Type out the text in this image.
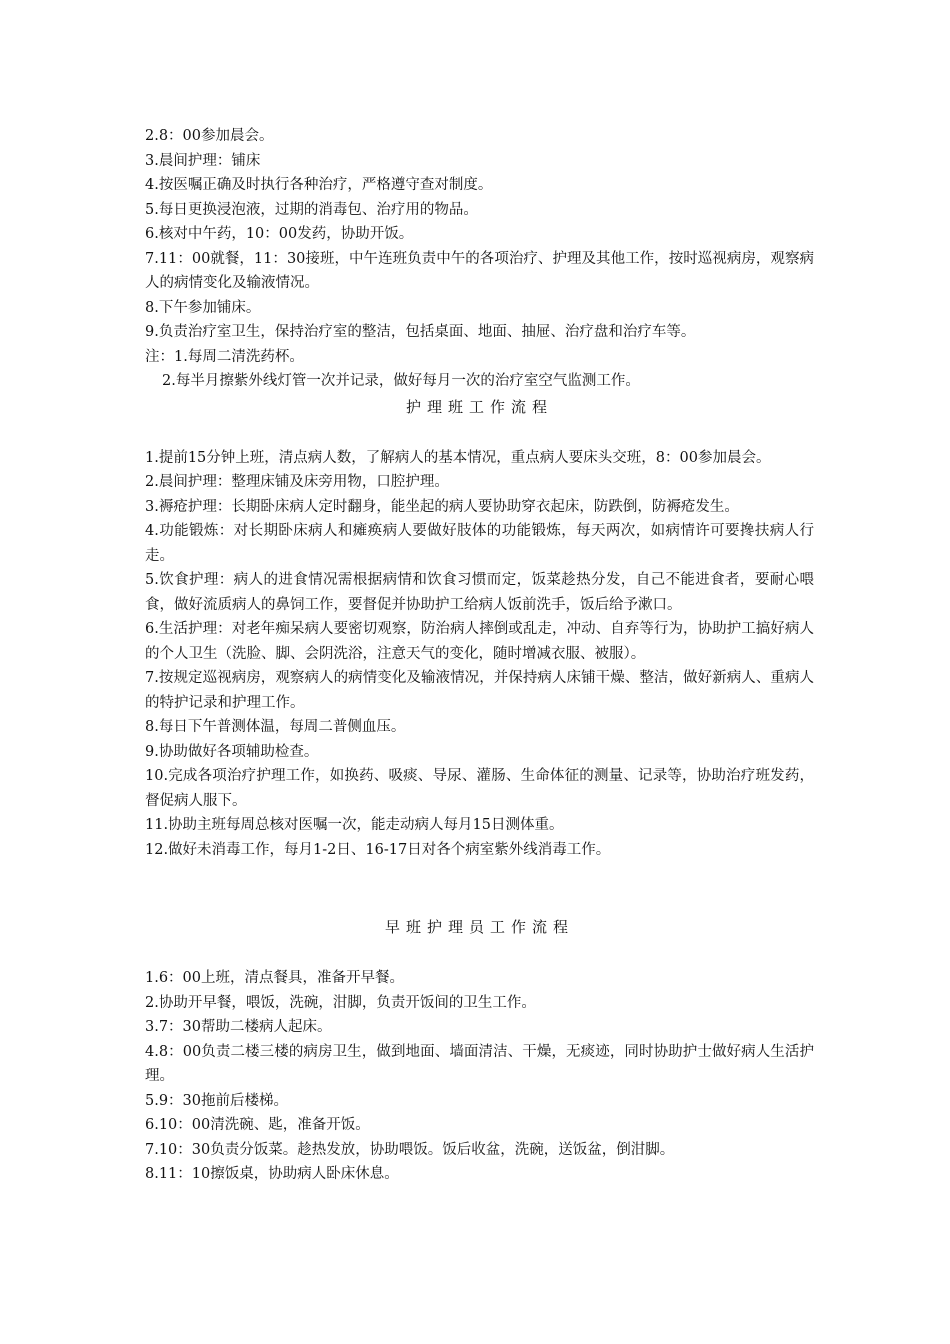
2.8：00参加晨会。

3.晨间护理：铺床

4.按医嘱正确及时执行各种治疗，严格遵守查对制度。

5.每日更换浸泡液，过期的消毒包、治疗用的物品。

6.核对中午药，10：00发药，协助开饭。

7.11：00就餐，11：30接班，中午连班负责中午的各项治疗、护理及其他工作，按时巡视病房，观察病人的病情变化及输液情况。

8.下午参加铺床。

9.负责治疗室卫生，保持治疗室的整洁，包括桌面、地面、抽屉、治疗盘和治疗车等。

注：1.每周二清洗药杯。

2.每半月擦紫外线灯管一次并记录，做好每月一次的治疗室空气监测工作。

护理班工作流程

1.提前15分钟上班，清点病人数，了解病人的基本情况，重点病人要床头交班，8：00参加晨会。

2.晨间护理：整理床铺及床旁用物，口腔护理。

3.褥疮护理：长期卧床病人定时翻身，能坐起的病人要协助穿衣起床，防跌倒，防褥疮发生。

4.功能锻炼：对长期卧床病人和瘫痪病人要做好肢体的功能锻炼，每天两次，如病情许可要搀扶病人行走。

5.饮食护理：病人的进食情况需根据病情和饮食习惯而定，饭菜趁热分发，自己不能进食者，要耐心喂食，做好流质病人的鼻饲工作，要督促并协助护工给病人饭前洗手，饭后给予漱口。

6.生活护理：对老年痴呆病人要密切观察，防治病人摔倒或乱走，冲动、自弃等行为，协助护工搞好病人的个人卫生（洗脸、脚、会阴洗浴，注意天气的变化，随时增减衣服、被服）。

7.按规定巡视病房，观察病人的病情变化及输液情况，并保持病人床铺干燥、整洁，做好新病人、重病人的特护记录和护理工作。

8.每日下午普测体温，每周二普侧血压。

9.协助做好各项辅助检查。

10.完成各项治疗护理工作，如换药、吸痰、导尿、灌肠、生命体征的测量、记录等，协助治疗班发药，督促病人服下。

11.协助主班每周总核对医嘱一次，能走动病人每月15日测体重。

12.做好未消毒工作，每月1-2日、16-17日对各个病室紫外线消毒工作。

早班护理员工作流程

1.6：00上班，清点餐具，准备开早餐。

2.协助开早餐，喂饭，洗碗，泔脚，负责开饭间的卫生工作。

3.7：30帮助二楼病人起床。

4.8：00负责二楼三楼的病房卫生，做到地面、墙面清洁、干燥，无痰迹，同时协助护士做好病人生活护理。

5.9：30拖前后楼梯。

6.10：00清洗碗、匙，准备开饭。

7.10：30负责分饭菜。趁热发放，协助喂饭。饭后收盆，洗碗，送饭盆，倒泔脚。

8.11：10擦饭桌，协助病人卧床休息。
